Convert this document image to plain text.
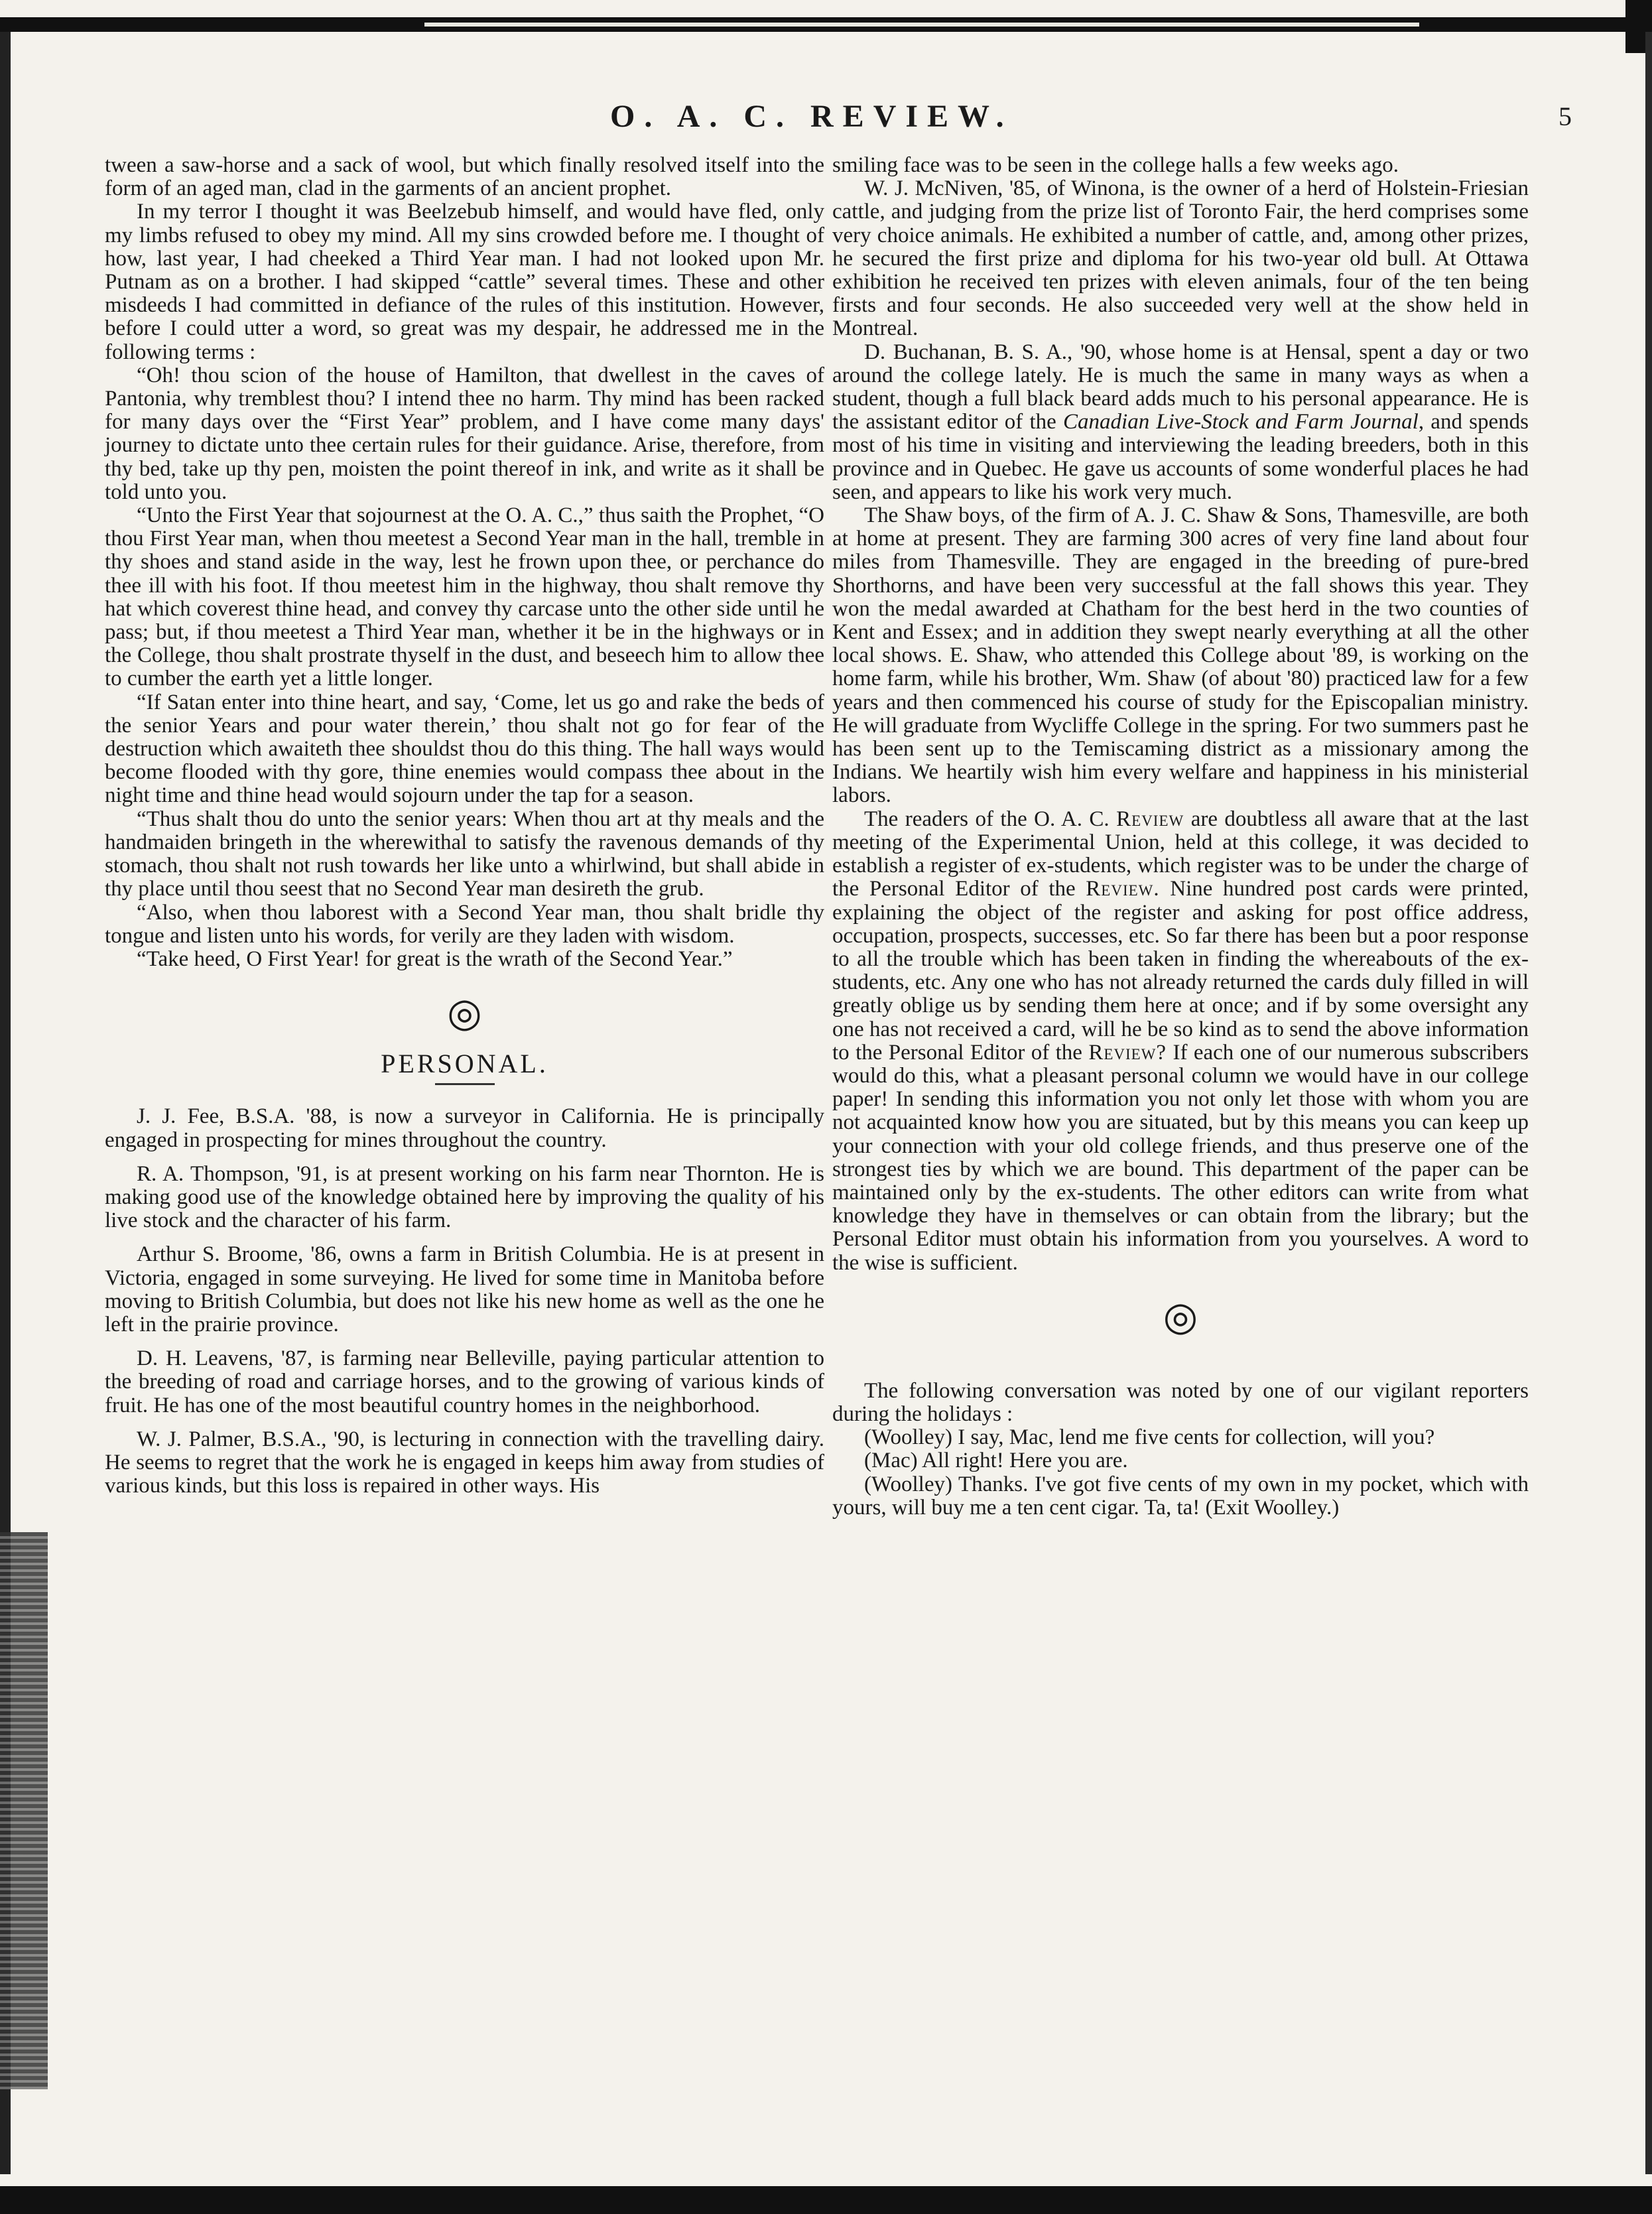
O. A. C. REVIEW.	5

tween a saw-horse and a sack of wool, but which finally resolved itself into the form of an aged man, clad in the garments of an ancient prophet.

In my terror I thought it was Beelzebub himself, and would have fled, only my limbs refused to obey my mind. All my sins crowded before me. I thought of how, last year, I had cheeked a Third Year man. I had not looked upon Mr. Putnam as on a brother. I had skipped “cattle” several times. These and other misdeeds I had committed in defiance of the rules of this institution. However, before I could utter a word, so great was my despair, he addressed me in the following terms :

“Oh! thou scion of the house of Hamilton, that dwellest in the caves of Pantonia, why tremblest thou? I intend thee no harm. Thy mind has been racked for many days over the “First Year” problem, and I have come many days' journey to dictate unto thee certain rules for their guidance. Arise, therefore, from thy bed, take up thy pen, moisten the point thereof in ink, and write as it shall be told unto you.

“Unto the First Year that sojournest at the O. A. C.,” thus saith the Prophet, “O thou First Year man, when thou meetest a Second Year man in the hall, tremble in thy shoes and stand aside in the way, lest he frown upon thee, or perchance do thee ill with his foot. If thou meetest him in the highway, thou shalt remove thy hat which coverest thine head, and convey thy carcase unto the other side until he pass; but, if thou meetest a Third Year man, whether it be in the highways or in the College, thou shalt prostrate thyself in the dust, and beseech him to allow thee to cumber the earth yet a little longer.

“If Satan enter into thine heart, and say, ‘Come, let us go and rake the beds of the senior Years and pour water therein,’ thou shalt not go for fear of the destruction which awaiteth thee shouldst thou do this thing. The hall ways would become flooded with thy gore, thine enemies would compass thee about in the night time and thine head would sojourn under the tap for a season.

“Thus shalt thou do unto the senior years: When thou art at thy meals and the handmaiden bringeth in the wherewithal to satisfy the ravenous demands of thy stomach, thou shalt not rush towards her like unto a whirlwind, but shall abide in thy place until thou seest that no Second Year man desireth the grub.

“Also, when thou laborest with a Second Year man, thou shalt bridle thy tongue and listen unto his words, for verily are they laden with wisdom.

“Take heed, O First Year! for great is the wrath of the Second Year.”

◎
PERSONAL.

J. J. Fee, B.S.A. '88, is now a surveyor in California. He is principally engaged in prospecting for mines throughout the country.

R. A. Thompson, '91, is at present working on his farm near Thornton. He is making good use of the knowledge obtained here by improving the quality of his live stock and the character of his farm.

Arthur S. Broome, '86, owns a farm in British Columbia. He is at present in Victoria, engaged in some surveying. He lived for some time in Manitoba before moving to British Columbia, but does not like his new home as well as the one he left in the prairie province.

D. H. Leavens, '87, is farming near Belleville, paying particular attention to the breeding of road and carriage horses, and to the growing of various kinds of fruit. He has one of the most beautiful country homes in the neighborhood.

W. J. Palmer, B.S.A., '90, is lecturing in connection with the travelling dairy. He seems to regret that the work he is engaged in keeps him away from studies of various kinds, but this loss is repaired in other ways. His

smiling face was to be seen in the college halls a few weeks ago.

W. J. McNiven, '85, of Winona, is the owner of a herd of Holstein-Friesian cattle, and judging from the prize list of Toronto Fair, the herd comprises some very choice animals. He exhibited a number of cattle, and, among other prizes, he secured the first prize and diploma for his two-year old bull. At Ottawa exhibition he received ten prizes with eleven animals, four of the ten being firsts and four seconds. He also succeeded very well at the show held in Montreal.

D. Buchanan, B. S. A., '90, whose home is at Hensal, spent a day or two around the college lately. He is much the same in many ways as when a student, though a full black beard adds much to his personal appearance. He is the assistant editor of the Canadian Live-Stock and Farm Journal, and spends most of his time in visiting and interviewing the leading breeders, both in this province and in Quebec. He gave us accounts of some wonderful places he had seen, and appears to like his work very much.

The Shaw boys, of the firm of A. J. C. Shaw & Sons, Thamesville, are both at home at present. They are farming 300 acres of very fine land about four miles from Thamesville. They are engaged in the breeding of pure-bred Shorthorns, and have been very successful at the fall shows this year. They won the medal awarded at Chatham for the best herd in the two counties of Kent and Essex; and in addition they swept nearly everything at all the other local shows. E. Shaw, who attended this College about '89, is working on the home farm, while his brother, Wm. Shaw (of about '80) practiced law for a few years and then commenced his course of study for the Episcopalian ministry. He will graduate from Wycliffe College in the spring. For two summers past he has been sent up to the Temiscaming district as a missionary among the Indians. We heartily wish him every welfare and happiness in his ministerial labors.

The readers of the O. A. C. Review are doubtless all aware that at the last meeting of the Experimental Union, held at this college, it was decided to establish a register of ex-students, which register was to be under the charge of the Personal Editor of the Review. Nine hundred post cards were printed, explaining the object of the register and asking for post office address, occupation, prospects, successes, etc. So far there has been but a poor response to all the trouble which has been taken in finding the whereabouts of the ex-students, etc. Any one who has not already returned the cards duly filled in will greatly oblige us by sending them here at once; and if by some oversight any one has not received a card, will he be so kind as to send the above information to the Personal Editor of the Review? If each one of our numerous subscribers would do this, what a pleasant personal column we would have in our college paper! In sending this information you not only let those with whom you are not acquainted know how you are situated, but by this means you can keep up your connection with your old college friends, and thus preserve one of the strongest ties by which we are bound. This department of the paper can be maintained only by the ex-students. The other editors can write from what knowledge they have in themselves or can obtain from the library; but the Personal Editor must obtain his information from you yourselves. A word to the wise is sufficient.

◎

The following conversation was noted by one of our vigilant reporters during the holidays :

(Woolley) I say, Mac, lend me five cents for collection, will you?

(Mac) All right! Here you are.

(Woolley) Thanks. I've got five cents of my own in my pocket, which with yours, will buy me a ten cent cigar. Ta, ta! (Exit Woolley.)
